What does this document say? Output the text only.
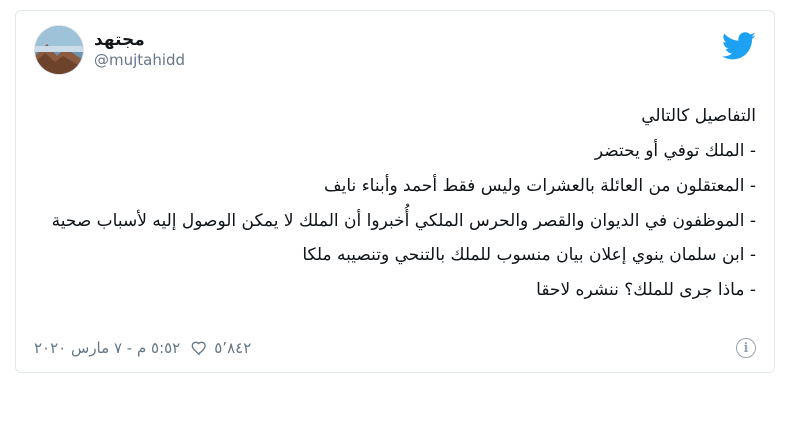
مجتهد
@mujtahidd
التفاصيل كالتالي
- الملك توفي أو يحتضر
- المعتقلون من العائلة بالعشرات وليس فقط أحمد وأبناء نايف
- الموظفون في الديوان والقصر والحرس الملكي أُخبروا أن الملك لا يمكن الوصول إليه لأسباب صحية
- ابن سلمان ينوي إعلان بيان منسوب للملك بالتنحي وتنصيبه ملكا
- ماذا جرى للملك؟ ننشره لاحقا
٥٬٨٤٢
٥:٥٢ م - ٧ مارس ٢٠٢٠	i
